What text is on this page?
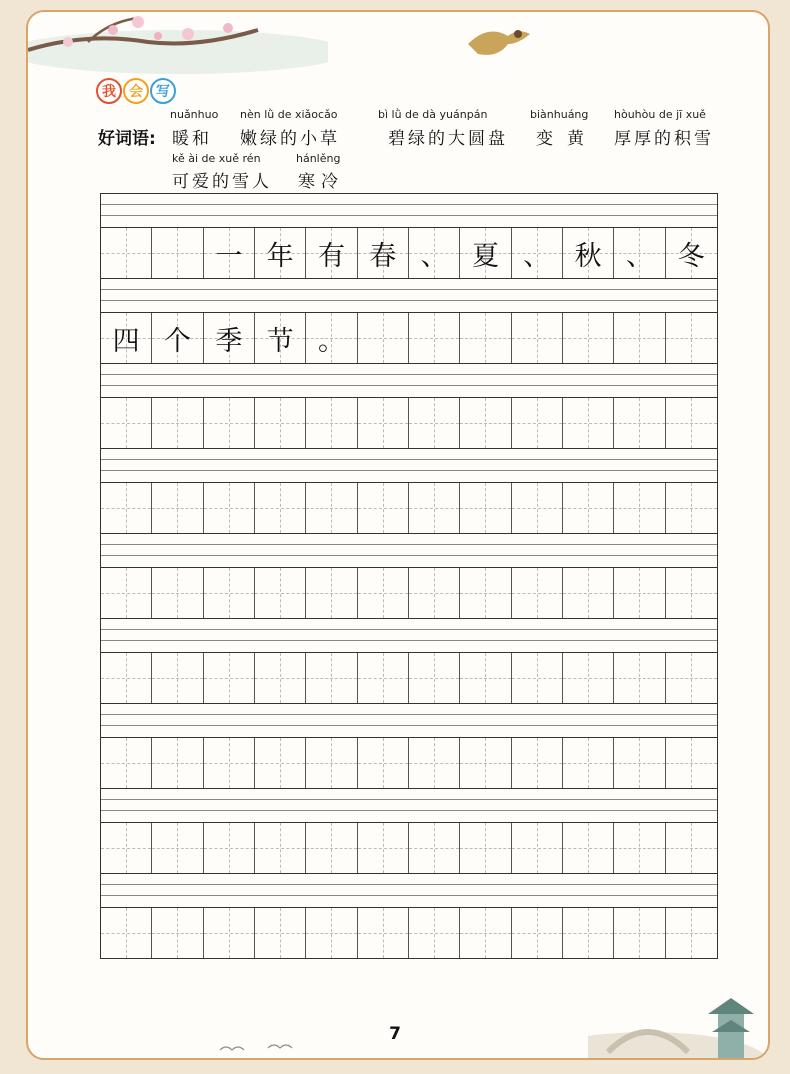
我 会 写
好词语:
nuǎnhuo
暖和
nèn lǜ de xiǎocǎo
嫩绿的小草
bì lǜ de dà yuánpán
碧绿的大圆盘
biànhuáng
变黄
hòuhòu de jī xuě
厚厚的积雪
kě ài de xuě rén
可爱的雪人
hánlěng
寒冷
一 年 有 春 、 夏 、 秋 、 冬
四 个 季 节 。
7
